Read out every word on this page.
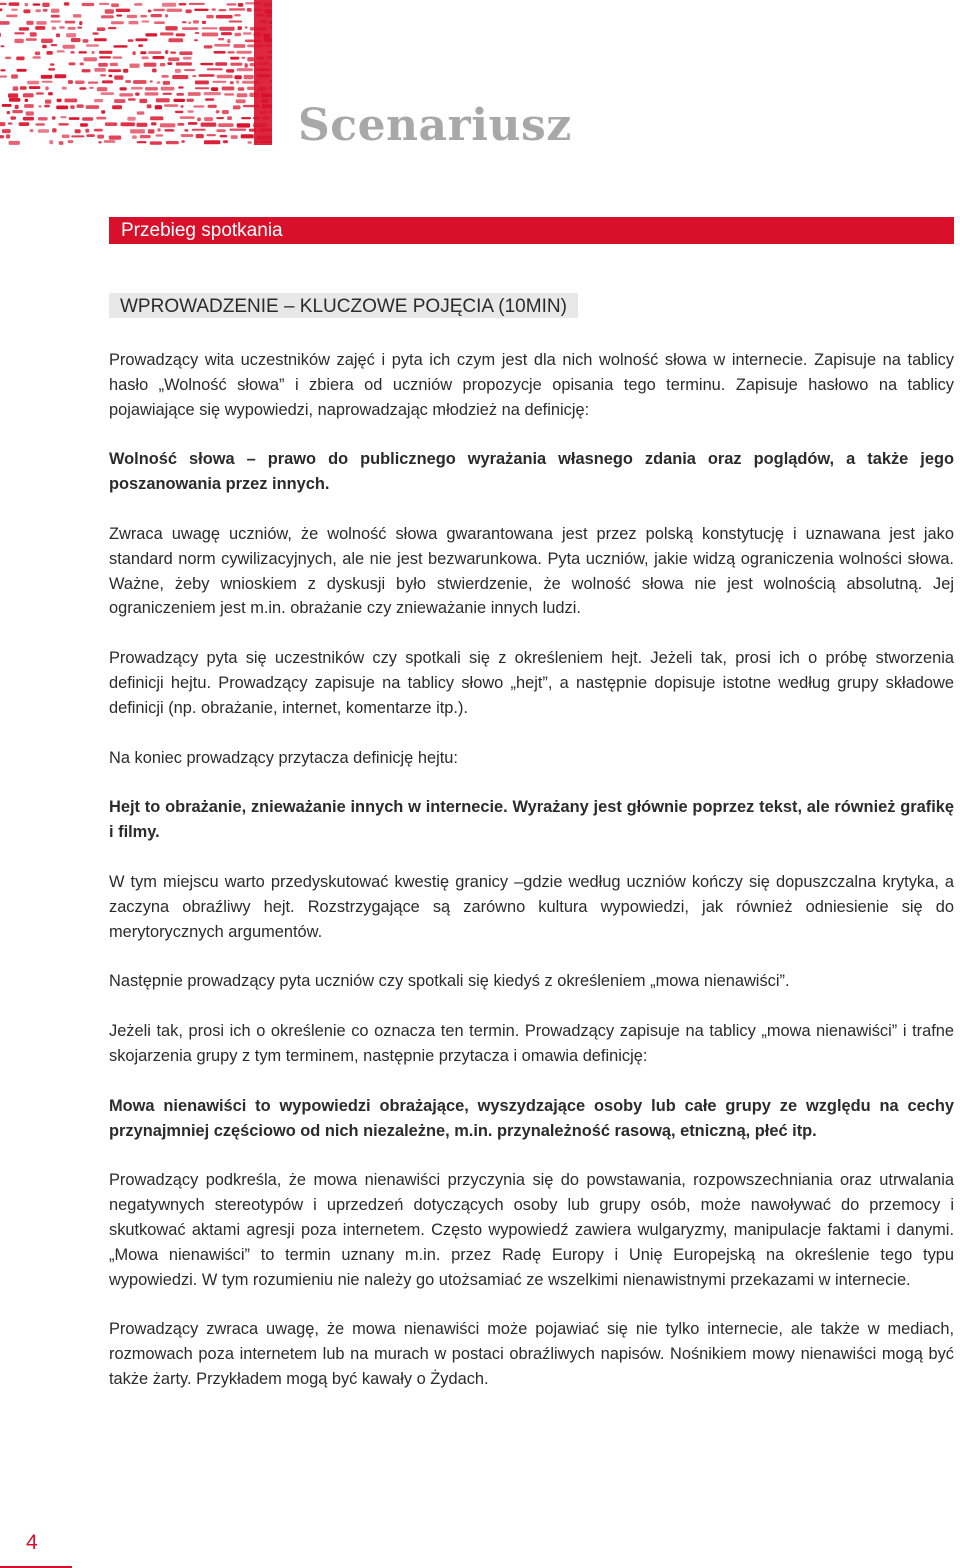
Scenariusz
Przebieg spotkania
WPROWADZENIE – KLUCZOWE POJĘCIA (10MIN)

Prowadzący wita uczestników zajęć i pyta ich czym jest dla nich wolność słowa w internecie. Zapisuje na tablicy hasło „Wolność słowa” i zbiera od uczniów propozycje opisania tego terminu. Zapisuje hasłowo na tablicy pojawiające się wypowiedzi, naprowadzając młodzież na definicję:

Wolność słowa – prawo do publicznego wyrażania własnego zdania oraz poglądów, a także jego poszanowania przez innych.

Zwraca uwagę uczniów, że wolność słowa gwarantowana jest przez polską konstytucję i uznawana jest jako standard norm cywilizacyjnych, ale nie jest bezwarunkowa. Pyta uczniów, jakie widzą ograniczenia wolności słowa. Ważne, żeby wnioskiem z dyskusji było stwierdzenie, że wolność słowa nie jest wolnością absolutną. Jej ograniczeniem jest m.in. obrażanie czy znieważanie innych ludzi.

Prowadzący pyta się uczestników czy spotkali się z określeniem hejt. Jeżeli tak, prosi ich o próbę stworzenia definicji hejtu. Prowadzący zapisuje na tablicy słowo „hejt”, a następnie dopisuje istotne według grupy składowe definicji (np. obrażanie, internet, komentarze itp.).

Na koniec prowadzący przytacza definicję hejtu:

Hejt to obrażanie, znieważanie innych w internecie. Wyrażany jest głównie poprzez tekst, ale również grafikę i filmy.

W tym miejscu warto przedyskutować kwestię granicy –gdzie według uczniów kończy się dopuszczalna krytyka, a zaczyna obraźliwy hejt. Rozstrzygające są zarówno kultura wypowiedzi, jak również odniesienie się do merytorycznych argumentów.

Następnie prowadzący pyta uczniów czy spotkali się kiedyś z określeniem „mowa nienawiści”.

Jeżeli tak, prosi ich o określenie co oznacza ten termin. Prowadzący zapisuje na tablicy „mowa nienawiści” i trafne skojarzenia grupy z tym terminem, następnie przytacza i omawia definicję:

Mowa nienawiści to wypowiedzi obrażające, wyszydzające osoby lub całe grupy ze względu na cechy przynajmniej częściowo od nich niezależne, m.in. przynależność rasową, etniczną, płeć itp.

Prowadzący podkreśla, że mowa nienawiści przyczynia się do powstawania, rozpowszechniania oraz utrwalania negatywnych stereotypów i uprzedzeń dotyczących osoby lub grupy osób, może nawoływać do przemocy i skutkować aktami agresji poza internetem. Często wypowiedź zawiera wulgaryzmy, manipulacje faktami i danymi. „Mowa nienawiści” to termin uznany m.in. przez Radę Europy i Unię Europejską na określenie tego typu wypowiedzi. W tym rozumieniu nie należy go utożsamiać ze wszelkimi nienawistnymi przekazami w internecie.

Prowadzący zwraca uwagę, że mowa nienawiści może pojawiać się nie tylko internecie, ale także w mediach, rozmowach poza internetem lub na murach w postaci obraźliwych napisów. Nośnikiem mowy nienawiści mogą być także żarty. Przykładem mogą być kawały o Żydach.

4
